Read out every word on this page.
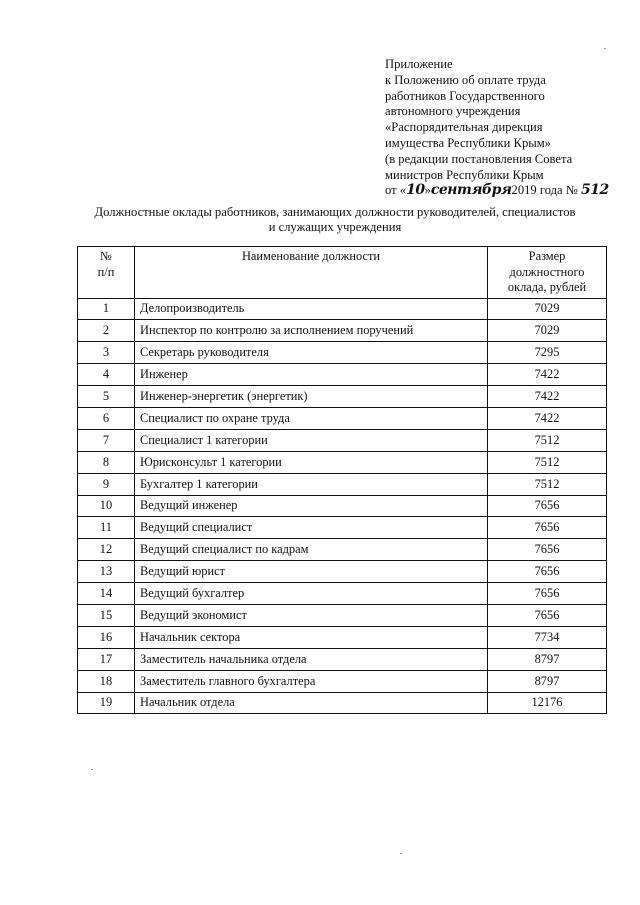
Приложение
к Положению об оплате труда
работников Государственного
автономного учреждения
«Распорядительная дирекция
имущества Республики Крым»
(в редакции постановления Совета
министров Республики Крым
от «10»сентября2019 года № 512
Должностные оклады работников, занимающих должности руководителей, специалистов
и служащих учреждения
№
п/п	Наименование должности	Размер
должностного
оклада, рублей

1	Делопроизводитель	7029
2	Инспектор по контролю за исполнением поручений	7029
3	Секретарь руководителя	7295
4	Инженер	7422
5	Инженер-энергетик (энергетик)	7422
6	Специалист по охране труда	7422
7	Специалист 1 категории	7512
8	Юрисконсульт 1 категории	7512
9	Бухгалтер 1 категории	7512
10	Ведущий инженер	7656
11	Ведущий специалист	7656
12	Ведущий специалист по кадрам	7656
13	Ведущий юрист	7656
14	Ведущий бухгалтер	7656
15	Ведущий экономист	7656
16	Начальник сектора	7734
17	Заместитель начальника отдела	8797
18	Заместитель главного бухгалтера	8797
19	Начальник отдела	12176
